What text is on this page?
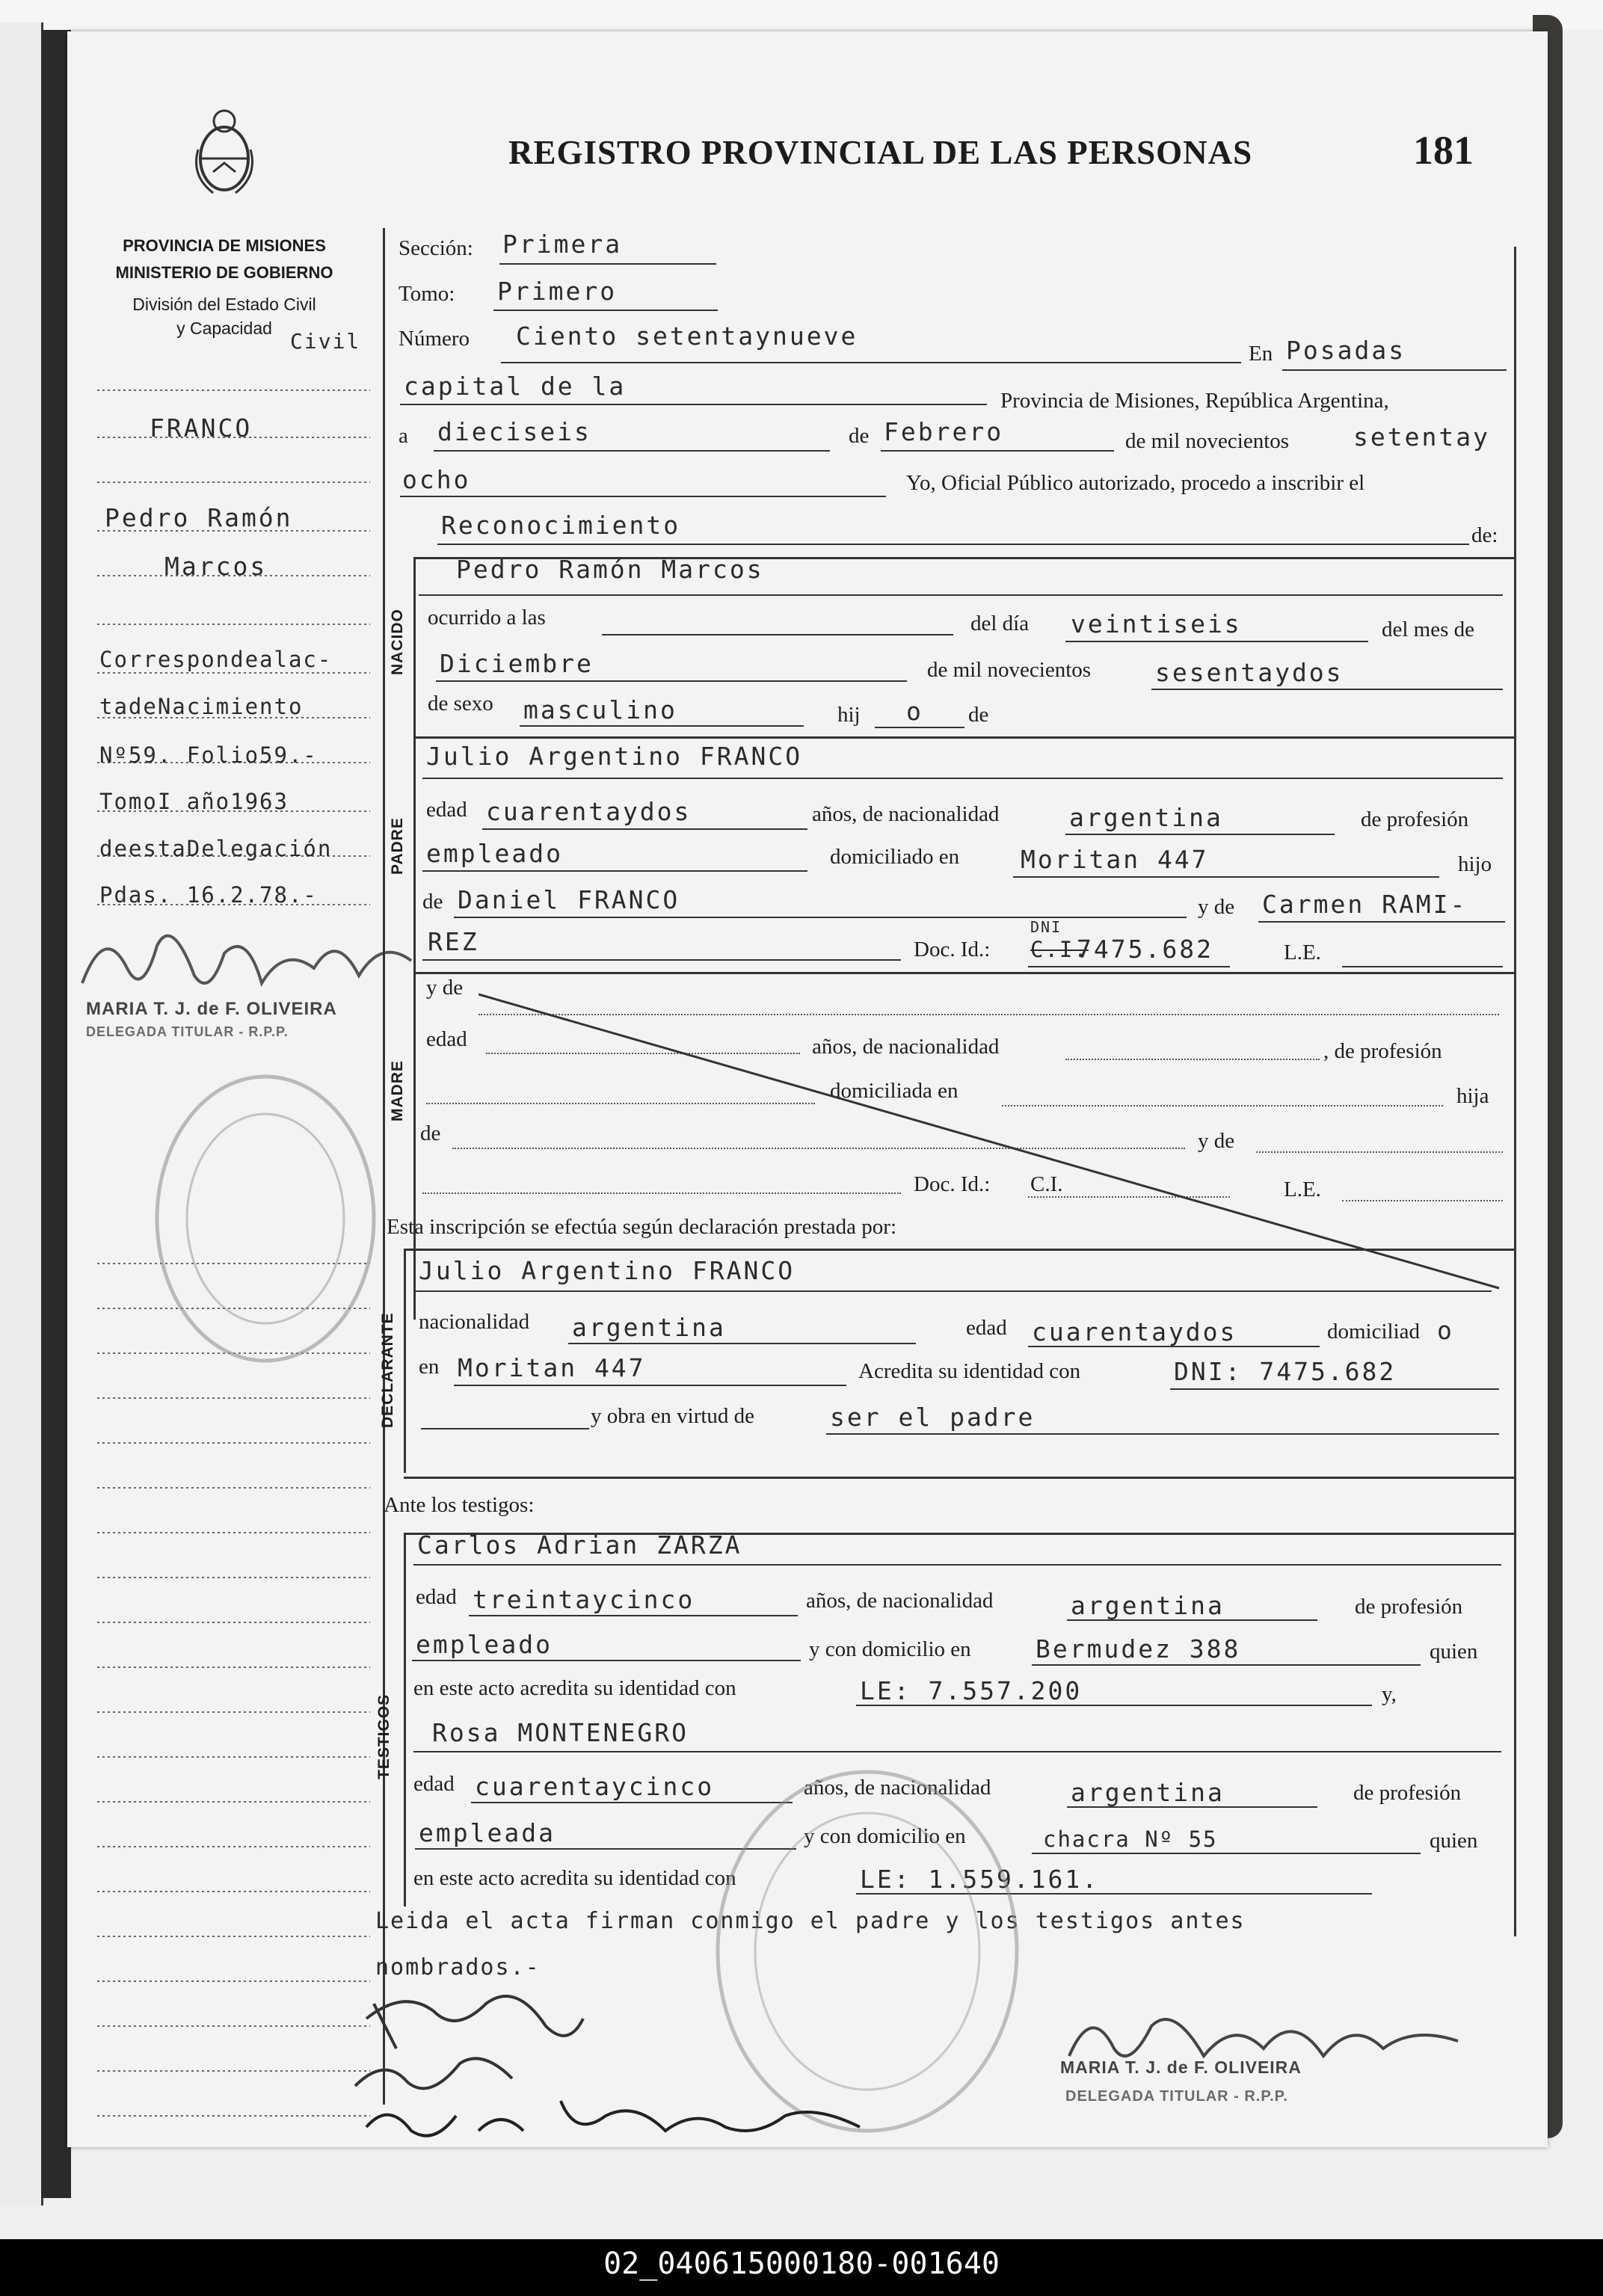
REGISTRO PROVINCIAL DE LAS PERSONAS	181
PROVINCIA DE MISIONES
MINISTERIO DE GOBIERNO
División del Estado Civil
y Capacidad
Civil
FRANCO
Pedro Ramón
Marcos
Correspondealac-
tadeNacimiento
Nº59. Folio59.-
TomoI año1963
deestaDelegación
Pdas. 16.2.78.-
MARIA T. J. de F. OLIVEIRA
DELEGADA TITULAR - R.P.P.
NACIDO
PADRE
MADRE
DECLARANTE
TESTIGOS
Sección: Primera
Tomo: Primero
Número Ciento setentaynueve
En Posadas
capital de la	Provincia de Misiones, República Argentina,
a dieciseis	de Febrero	de mil novecientos	setentay
ocho	Yo, Oficial Público autorizado, procedo a inscribir el
Reconocimiento	de:
Pedro Ramón Marcos
ocurrido a las	del día veintiseis	del mes de
Diciembre	de mil novecientos	sesentaydos
de sexo masculino	hij o de
Julio Argentino FRANCO
edad cuarentaydos	años, de nacionalidad	argentina	de profesión
empleado	domiciliado en Moritan 447	hijo
de Daniel FRANCO	y de Carmen RAMI-
REZ	Doc. Id.: C.I.
DNI
7475.682	L.E.
y de
edad	años, de nacionalidad	, de profesión
domiciliada en	hija
de	y de
Doc. Id.: C.I.	L.E.
Esta inscripción se efectúa según declaración prestada por:
Julio Argentino FRANCO
nacionalidad argentina	edad cuarentaydos	domiciliad o
en Moritan 447	Acredita su identidad con	DNI: 7475.682
y obra en virtud de	ser el padre
Ante los testigos:
Carlos Adrian ZARZA
edad treintaycinco	años, de nacionalidad	argentina	de profesión
empleado	y con domicilio en	Bermudez 388	quien
en este acto acredita su identidad con	LE: 7.557.200	y,
Rosa MONTENEGRO
edad cuarentaycinco	años, de nacionalidad	argentina	de profesión
empleada	y con domicilio en	chacra Nº 55	quien
en este acto acredita su identidad con	LE: 1.559.161.
Leida el acta firman conmigo el padre y los testigos antes
nombrados.-
MARIA T. J. de F. OLIVEIRA
DELEGADA TITULAR - R.P.P.
02_040615000180-001640
